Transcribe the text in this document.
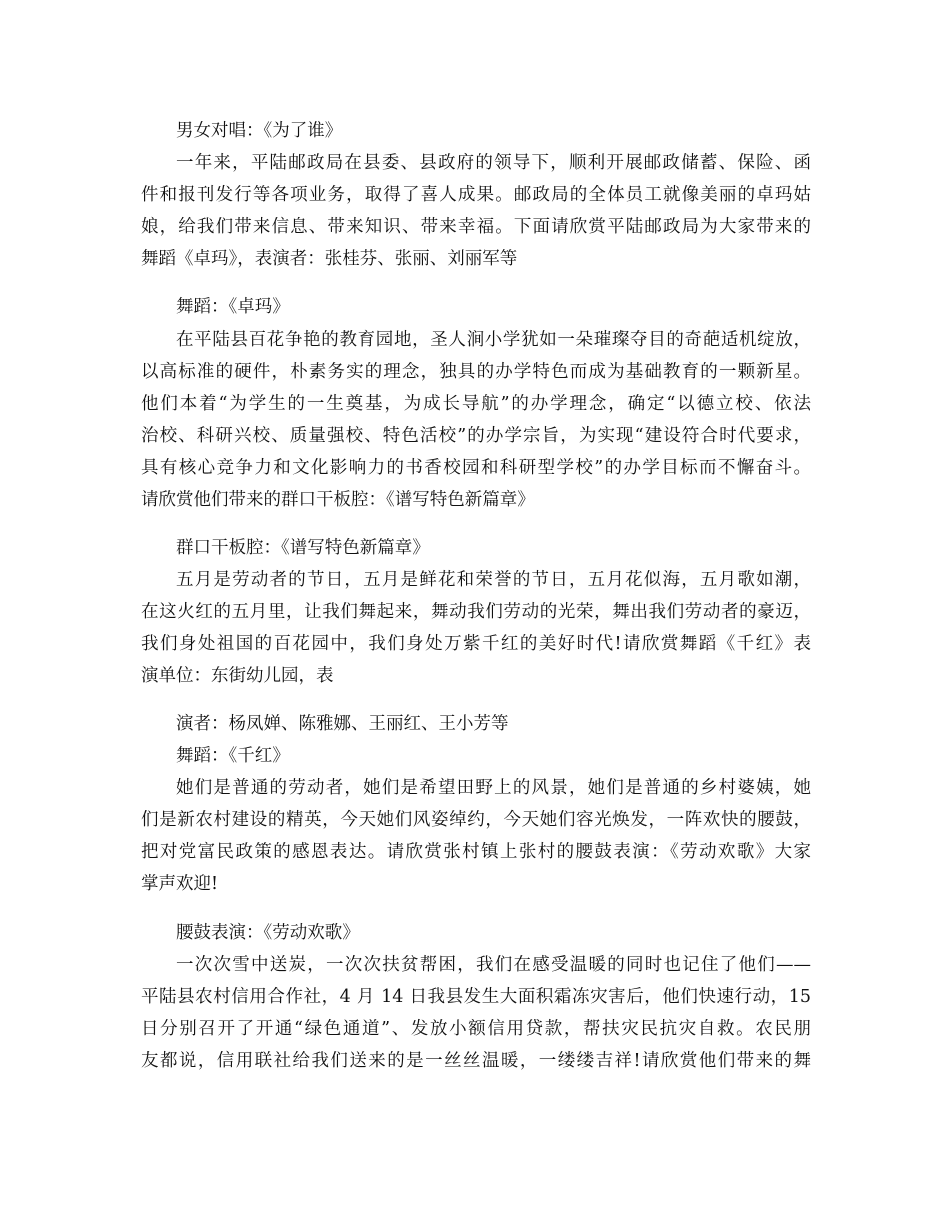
男女对唱：《为了谁》
一年来，平陆邮政局在县委、县政府的领导下，顺利开展邮政储蓄、保险、函
件和报刊发行等各项业务，取得了喜人成果。邮政局的全体员工就像美丽的卓玛姑
娘，给我们带来信息、带来知识、带来幸福。下面请欣赏平陆邮政局为大家带来的
舞蹈《卓玛》，表演者：张桂芬、张丽、刘丽军等
舞蹈：《卓玛》
在平陆县百花争艳的教育园地，圣人涧小学犹如一朵璀璨夺目的奇葩适机绽放，
以高标准的硬件，朴素务实的理念，独具的办学特色而成为基础教育的一颗新星。
他们本着“为学生的一生奠基，为成长导航”的办学理念，确定“以德立校、依法
治校、科研兴校、质量强校、特色活校”的办学宗旨，为实现“建设符合时代要求，
具有核心竞争力和文化影响力的书香校园和科研型学校”的办学目标而不懈奋斗。
请欣赏他们带来的群口干板腔：《谱写特色新篇章》
群口干板腔：《谱写特色新篇章》
五月是劳动者的节日，五月是鲜花和荣誉的节日，五月花似海，五月歌如潮，
在这火红的五月里，让我们舞起来，舞动我们劳动的光荣，舞出我们劳动者的豪迈，
我们身处祖国的百花园中，我们身处万紫千红的美好时代!请欣赏舞蹈《千红》表
演单位：东街幼儿园，表
演者：杨凤婵、陈雅娜、王丽红、王小芳等
舞蹈：《千红》
她们是普通的劳动者，她们是希望田野上的风景，她们是普通的乡村婆姨，她
们是新农村建设的精英，今天她们风姿绰约，今天她们容光焕发，一阵欢快的腰鼓，
把对党富民政策的感恩表达。请欣赏张村镇上张村的腰鼓表演：《劳动欢歌》大家
掌声欢迎!
腰鼓表演：《劳动欢歌》
一次次雪中送炭，一次次扶贫帮困，我们在感受温暖的同时也记住了他们——
平陆县农村信用合作社，4 月 14 日我县发生大面积霜冻灾害后，他们快速行动，15
日分别召开了开通“绿色通道”、发放小额信用贷款，帮扶灾民抗灾自救。农民朋
友都说，信用联社给我们送来的是一丝丝温暖，一缕缕吉祥!请欣赏他们带来的舞
